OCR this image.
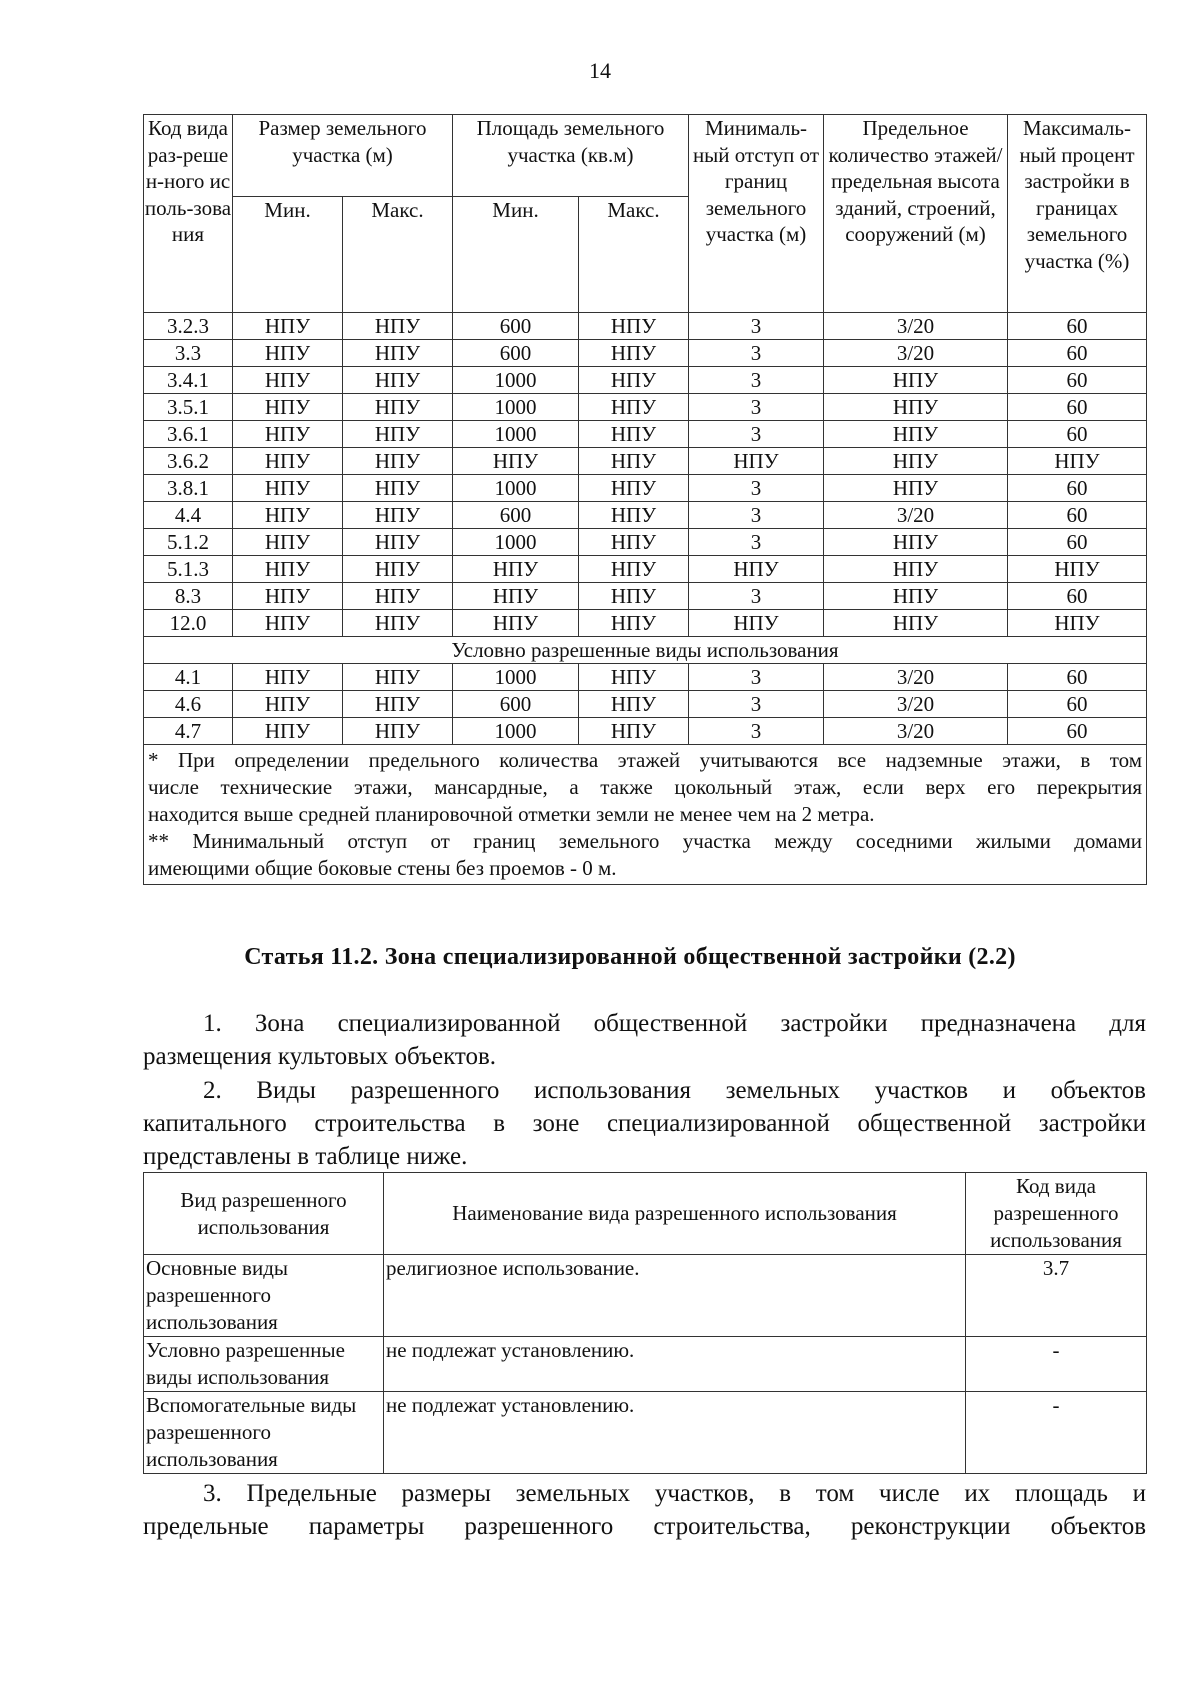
14
Код вида раз-решен-ного исполь-зования	Размер земельного участка (м)		Площадь земельного участка (кв.м)		Минималь-ный отступ от границ земельного участка (м)	Предельное количество этажей/ предельная высота зданий, строений, сооружений (м)	Максималь-ный процент застройки в границах земельного участка (%)
	Мин.	Макс.	Мин.	Макс.			
3.2.3	НПУ	НПУ	600	НПУ	3	3/20	60
3.3	НПУ	НПУ	600	НПУ	3	3/20	60
3.4.1	НПУ	НПУ	1000	НПУ	3	НПУ	60
3.5.1	НПУ	НПУ	1000	НПУ	3	НПУ	60
3.6.1	НПУ	НПУ	1000	НПУ	3	НПУ	60
3.6.2	НПУ	НПУ	НПУ	НПУ	НПУ	НПУ	НПУ
3.8.1	НПУ	НПУ	1000	НПУ	3	НПУ	60
4.4	НПУ	НПУ	600	НПУ	3	3/20	60
5.1.2	НПУ	НПУ	1000	НПУ	3	НПУ	60
5.1.3	НПУ	НПУ	НПУ	НПУ	НПУ	НПУ	НПУ
8.3	НПУ	НПУ	НПУ	НПУ	3	НПУ	60
12.0	НПУ	НПУ	НПУ	НПУ	НПУ	НПУ	НПУ
Условно разрешенные виды использования							
4.1	НПУ	НПУ	1000	НПУ	3	3/20	60
4.6	НПУ	НПУ	600	НПУ	3	3/20	60
4.7	НПУ	НПУ	1000	НПУ	3	3/20	60

* При определении предельного количества этажей учитываются все надземные этажи, в том

числе технические этажи, мансардные, а также цокольный этаж, если верх его перекрытия

находится выше средней планировочной отметки земли не менее чем на 2 метра.

** Минимальный отступ от границ земельного участка между соседними жилыми домами

имеющими общие боковые стены без проемов - 0 м.							

Статья 11.2. Зона специализированной общественной застройки (2.2)

1. Зона специализированной общественной застройки предназначена для
размещения культовых объектов.

2. Виды разрешенного использования земельных участков и объектов
капитального строительства в зоне специализированной общественной застройки
представлены в таблице ниже.

Вид разрешенного использования	Наименование вида разрешенного использования	Код вида разрешенного использования
Основные виды разрешенного использования	религиозное использование.	3.7
Условно разрешенные виды использования	не подлежат установлению.	-
Вспомогательные виды разрешенного использования	не подлежат установлению.	-

3. Предельные размеры земельных участков, в том числе их площадь и
предельные параметры разрешенного строительства, реконструкции объектов
